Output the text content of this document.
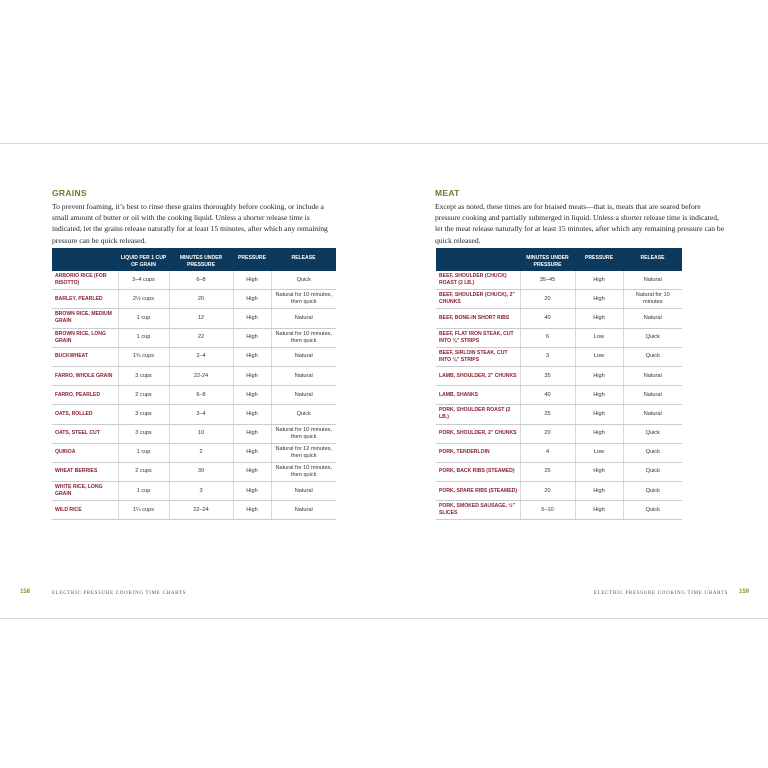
GRAINS

To prevent foaming, it’s best to rinse these grains thoroughly before cooking, or include a small amount of butter or oil with the cooking liquid. Unless a shorter release time is indicated, let the grains release naturally for at least 15 minutes, after which any remaining pressure can be quick released.

	LIQUID PER 1 CUP OF GRAIN	MINUTES UNDER PRESSURE	PRESSURE	RELEASE
ARBORIO RICE (FOR RISOTTO)	3–4 cups	6–8	High	Quick
BARLEY, PEARLED	2½ cups	20	High	Natural for 10 minutes, then quick
BROWN RICE, MEDIUM GRAIN	1 cup	12	High	Natural
BROWN RICE, LONG GRAIN	1 cup	22	High	Natural for 10 minutes, then quick
BUCKWHEAT	1¾ cups	2–4	High	Natural
FARRO, WHOLE GRAIN	3 cups	22-24	High	Natural
FARRO, PEARLED	2 cups	6–8	High	Natural
OATS, ROLLED	3 cups	3–4	High	Quick
OATS, STEEL CUT	3 cups	10	High	Natural for 10 minutes, then quick
QUINOA	1 cup	2	High	Natural for 12 minutes, then quick
WHEAT BERRIES	2 cups	30	High	Natural for 10 minutes, then quick
WHITE RICE, LONG GRAIN	1 cup	3	High	Natural
WILD RICE	1¼ cups	22–24	High	Natural
158	ELECTRIC PRESSURE COOKING TIME CHARTS
MEAT

Except as noted, these times are for braised meats—that is, meats that are seared before pressure cooking and partially submerged in liquid. Unless a shorter release time is indicated, let the meat release naturally for at least 15 minutes, after which any remaining pressure can be quick released.

	MINUTES UNDER PRESSURE	PRESSURE	RELEASE
BEEF, SHOULDER (CHUCK) ROAST (2 LB.)	35–45	High	Natural
BEEF, SHOULDER (CHUCK), 2” CHUNKS	20	High	Natural for 10 minutes
BEEF, BONE-IN SHORT RIBS	40	High	Natural
BEEF, FLAT IRON STEAK, CUT INTO ⅛” STRIPS	6	Low	Quick
BEEF, SIRLOIN STEAK, CUT INTO ⅛” STRIPS	3	Low	Quick
LAMB, SHOULDER, 2” CHUNKS	35	High	Natural
LAMB, SHANKS	40	High	Natural
PORK, SHOULDER ROAST (2 LB.)	25	High	Natural
PORK, SHOULDER, 2” CHUNKS	20	High	Quick
PORK, TENDERLOIN	4	Low	Quick
PORK, BACK RIBS (STEAMED)	25	High	Quick
PORK, SPARE RIBS (STEAMED)	20	High	Quick
PORK, SMOKED SAUSAGE, ½” SLICES	5–10	High	Quick
ELECTRIC PRESSURE COOKING TIME CHARTS 159
